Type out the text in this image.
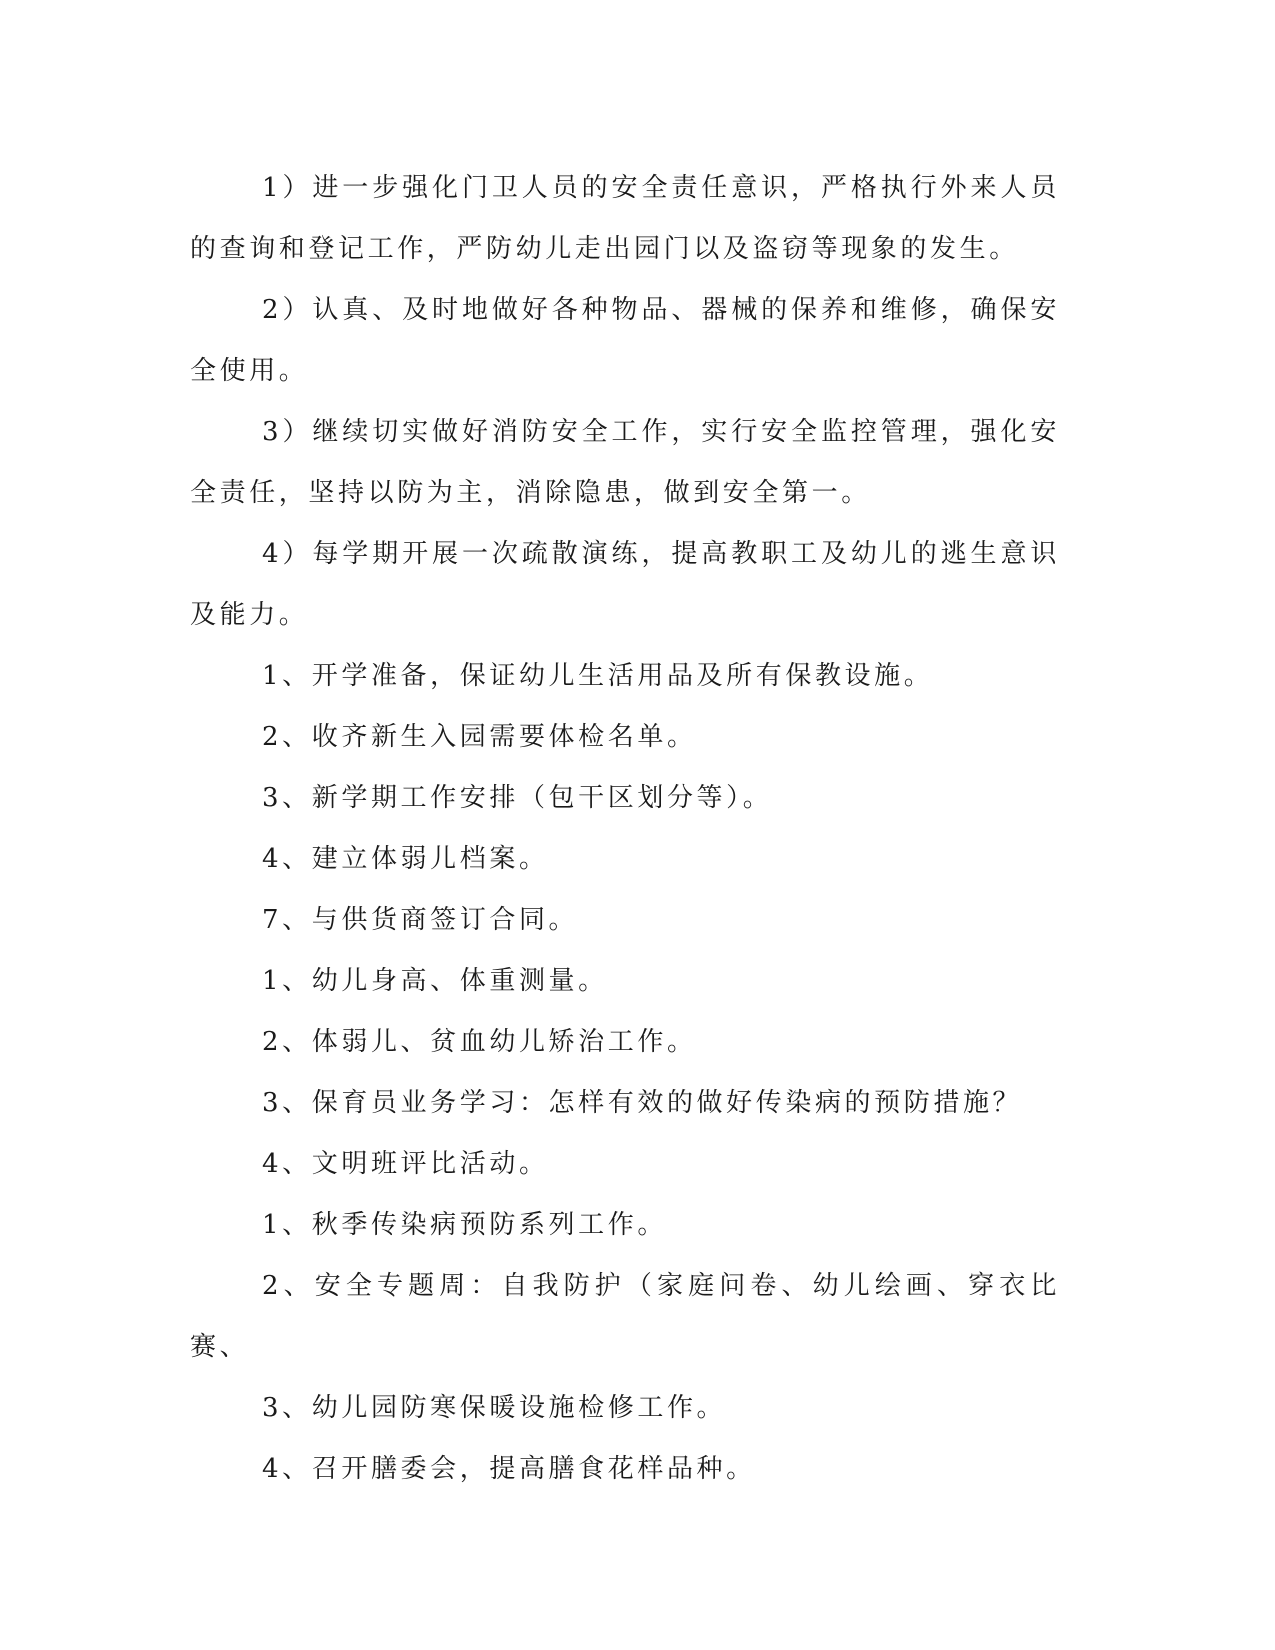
1）进一步强化门卫人员的安全责任意识，严格执行外来人员的查询和登记工作，严防幼儿走出园门以及盗窃等现象的发生。

2）认真、及时地做好各种物品、器械的保养和维修，确保安全使用。

3）继续切实做好消防安全工作，实行安全监控管理，强化安全责任，坚持以防为主，消除隐患，做到安全第一。

4）每学期开展一次疏散演练，提高教职工及幼儿的逃生意识及能力。

1、开学准备，保证幼儿生活用品及所有保教设施。

2、收齐新生入园需要体检名单。

3、新学期工作安排（包干区划分等）。

4、建立体弱儿档案。

7、与供货商签订合同。

1、幼儿身高、体重测量。

2、体弱儿、贫血幼儿矫治工作。

3、保育员业务学习：怎样有效的做好传染病的预防措施？

4、文明班评比活动。

1、秋季传染病预防系列工作。

2、安全专题周：自我防护（家庭问卷、幼儿绘画、穿衣比赛、

3、幼儿园防寒保暖设施检修工作。

4、召开膳委会，提高膳食花样品种。
